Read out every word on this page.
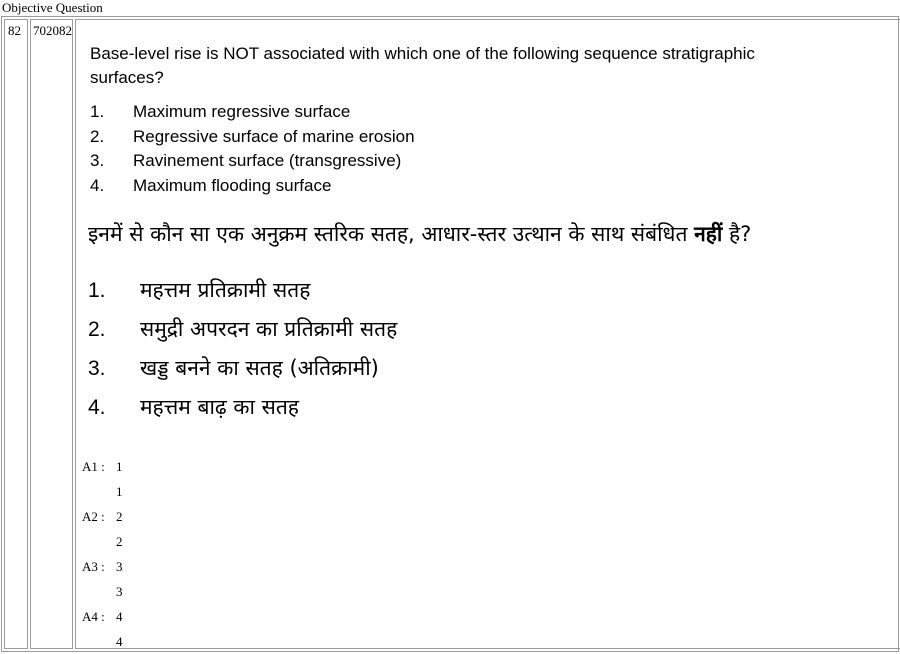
Objective Question
82 702082
Base-level rise is NOT associated with which one of the following sequence stratigraphic surfaces?
1. Maximum regressive surface
2. Regressive surface of marine erosion
3. Ravinement surface (transgressive)
4. Maximum flooding surface
इनमें से कौन सा एक अनुक्रम स्तरिक सतह, आधार-स्तर उत्थान के साथ संबंधित नहीं है?
1. महत्तम प्रतिक्रामी सतह
2. समुद्री अपरदन का प्रतिक्रामी सतह
3. खड्ड बनने का सतह (अतिक्रामी)
4. महत्तम बाढ़ का सतह
A1 : 1
1
A2 : 2
2
A3 : 3
3
A4 : 4
4
